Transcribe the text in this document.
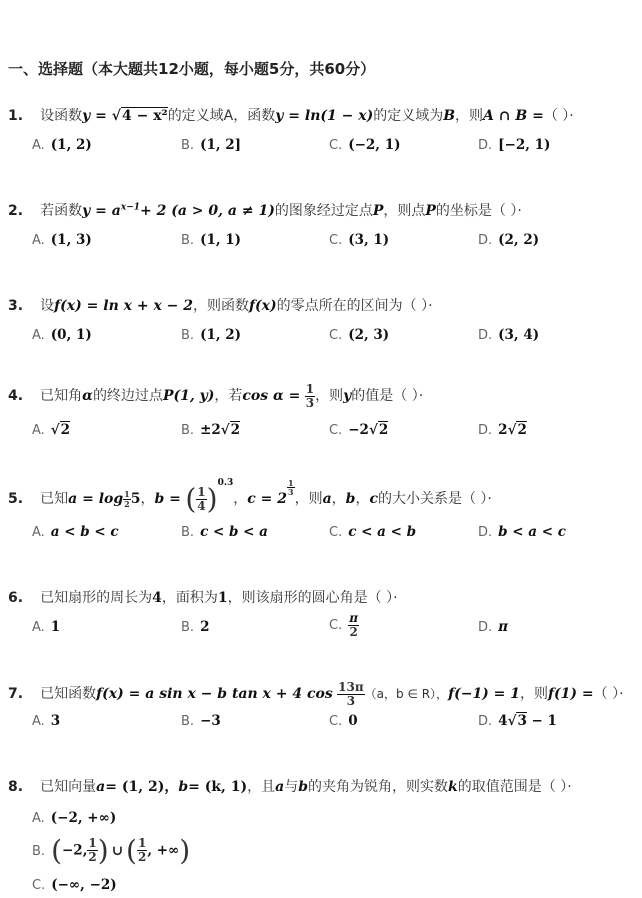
一、选择题（本大题共12小题，每小题5分，共60分）
1. 设函数y = √4 − x²的定义域A，函数y = ln(1 − x)的定义域为B，则A ∩ B =（ ）·
A. (1, 2)	B. (1, 2]	C. (−2, 1)	D. [−2, 1)
2. 若函数$y = a^{x-1}+ 2$ (a > 0, a ≠ 1)的图象经过定点P，则点P的坐标是（ ）·
A. (1, 3)	B. (1, 1)	C. (3, 1)	D. (2, 2)
3. 设f(x) = ln x + x − 2，则函数f(x)的零点所在的区间为（ ）·
A. (0, 1)	B. (1, 2)	C. (2, 3)	D. (3, 4)
4. 已知角α的终边过点P(1, y)，若$\cos \alpha = \frac{1}{3}$ ，则y的值是（ ）·
A. √2	B. ±2√2	C. −2√2	D. 2√2
5. 已知$a = \log \frac{1}{2} 5$，b = ( $\frac{1}{4} )^{0.3}$，c = 2
$\frac{1}{3}$
，则a，b，c的大小关系是（ ）·
A. a < b < c	B. c < b < a	C. c < a < b	D. b < a < c
6. 已知扇形的周长为4，面积为1，则该扇形的圆心角是（ ）·
A. 1	B. 2	C. $\frac{\pi}{2}$	D. π
7. 已知函数f(x) = a sin x − b tan x + 4 $\cos \frac{13\pi}{3} (a$，b ∈ R），f(−1) = 1，则f(1) =（ ）·
A. 3	B. −3	C. 0	D. 4√3 − 1
8. 已知向量a= (1, 2)，b= (k, 1)，且a与b的夹角为锐角，则实数k的取值范围是（ ）·
A. (−2, +∞)
B. (−2, $\frac{1}{2}$ ) ∪ ( $\frac{1}{2}$ , +∞)
C. (−∞, −2)
